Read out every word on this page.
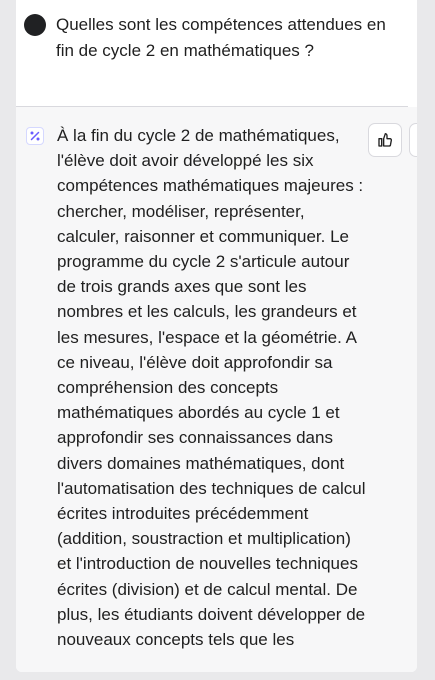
Quelles sont les compétences attendues en fin de cycle 2 en mathématiques ?
À la fin du cycle 2 de mathématiques, l'élève doit avoir développé les six compétences mathématiques majeures : chercher, modéliser, représenter, calculer, raisonner et communiquer. Le programme du cycle 2 s'articule autour de trois grands axes que sont les nombres et les calculs, les grandeurs et les mesures, l'espace et la géométrie. A ce niveau, l'élève doit approfondir sa compréhension des concepts mathématiques abordés au cycle 1 et approfondir ses connaissances dans divers domaines mathématiques, dont l'automatisation des techniques de calcul écrites introduites précédemment (addition, soustraction et multiplication) et l'introduction de nouvelles techniques écrites (division) et de calcul mental. De plus, les étudiants doivent développer de nouveaux concepts tels que les
